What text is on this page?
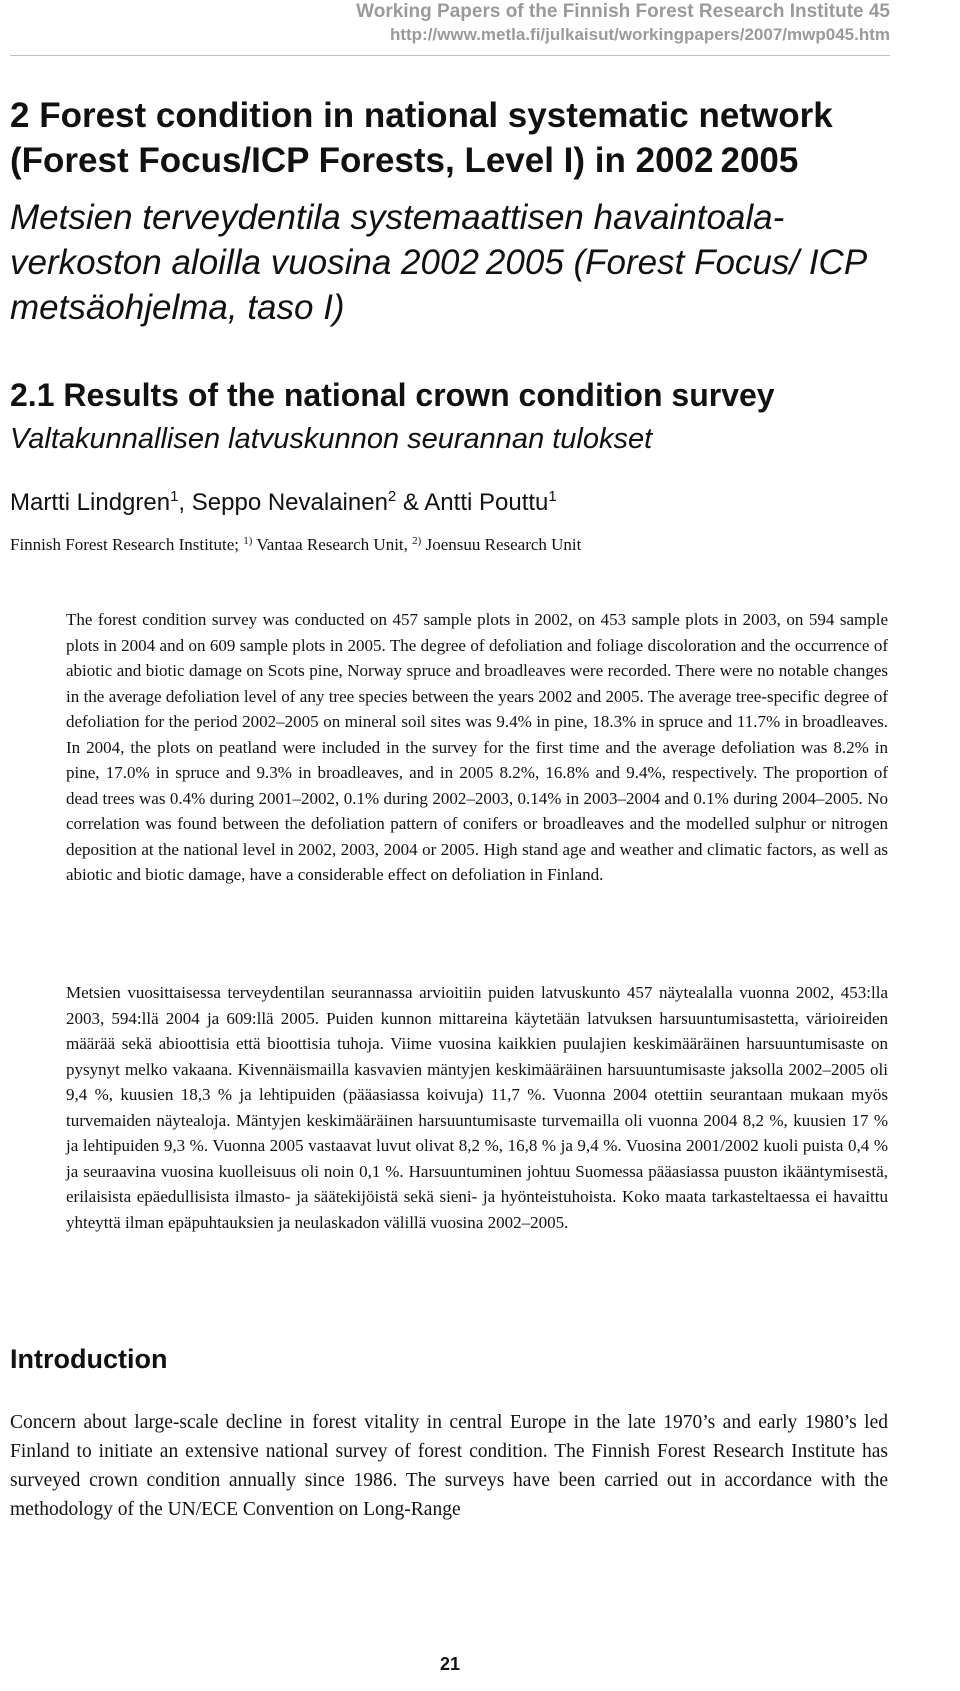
Working Papers of the Finnish Forest Research Institute 45
http://www.metla.fi/julkaisut/workingpapers/2007/mwp045.htm
2 Forest condition in national systematic network (Forest Focus/ICP Forests, Level I) in 2002 2005
Metsien terveydentila systemaattisen havaintoala-verkoston aloilla vuosina 2002 2005 (Forest Focus/ ICP metsäohjelma, taso I)
2.1 Results of the national crown condition survey
Valtakunnallisen latvuskunnon seurannan tulokset
Martti Lindgren$^1$, Seppo Nevalainen$^2$ & Antti Pouttu$^1$
Finnish Forest Research Institute; $^{1)}$ Vantaa Research Unit, $^{2)}$ Joensuu Research Unit

The forest condition survey was conducted on 457 sample plots in 2002, on 453 sample plots in 2003, on 594 sample plots in 2004 and on 609 sample plots in 2005. The degree of defoliation and foliage discoloration and the occurrence of abiotic and biotic damage on Scots pine, Norway spruce and broadleaves were recorded. There were no notable changes in the average defoliation level of any tree species between the years 2002 and 2005. The average tree-specific degree of defoliation for the period 2002–2005 on mineral soil sites was 9.4% in pine, 18.3% in spruce and 11.7% in broadleaves. In 2004, the plots on peatland were included in the survey for the first time and the average defoliation was 8.2% in pine, 17.0% in spruce and 9.3% in broadleaves, and in 2005 8.2%, 16.8% and 9.4%, respectively. The proportion of dead trees was 0.4% during 2001–2002, 0.1% during 2002–2003, 0.14% in 2003–2004 and 0.1% during 2004–2005. No correlation was found between the defoliation pattern of conifers or broadleaves and the modelled sulphur or nitrogen deposition at the national level in 2002, 2003, 2004 or 2005. High stand age and weather and climatic factors, as well as abiotic and biotic damage, have a considerable effect on defoliation in Finland.

Metsien vuosittaisessa terveydentilan seurannassa arvioitiin puiden latvuskunto 457 näytealalla vuonna 2002, 453:lla 2003, 594:llä 2004 ja 609:llä 2005. Puiden kunnon mittareina käytetään latvuksen harsuuntumisastetta, värioireiden määrää sekä abioottisia että bioottisia tuhoja. Viime vuosina kaikkien puulajien keskimääräinen harsuuntumisaste on pysynyt melko vakaana. Kivennäismailla kasvavien mäntyjen keskimääräinen harsuuntumisaste jaksolla 2002–2005 oli 9,4 %, kuusien 18,3 % ja lehtipuiden (pääasiassa koivuja) 11,7 %. Vuonna 2004 otettiin seurantaan mukaan myös turvemaiden näytealoja. Mäntyjen keskimääräinen harsuuntumisaste turvemailla oli vuonna 2004 8,2 %, kuusien 17 % ja lehtipuiden 9,3 %. Vuonna 2005 vastaavat luvut olivat 8,2 %, 16,8 % ja 9,4 %. Vuosina 2001/2002 kuoli puista 0,4 % ja seuraavina vuosina kuolleisuus oli noin 0,1 %. Harsuuntuminen johtuu Suomessa pääasiassa puuston ikääntymisestä, erilaisista epäedullisista ilmasto- ja säätekijöistä sekä sieni- ja hyönteistuhoista. Koko maata tarkasteltaessa ei havaittu yhteyttä ilman epäpuhtauksien ja neulaskadon välillä vuosina 2002–2005.

Introduction

Concern about large-scale decline in forest vitality in central Europe in the late 1970’s and early 1980’s led Finland to initiate an extensive national survey of forest condition. The Finnish Forest Research Institute has surveyed crown condition annually since 1986. The surveys have been carried out in accordance with the methodology of the UN/ECE Convention on Long-Range

21
